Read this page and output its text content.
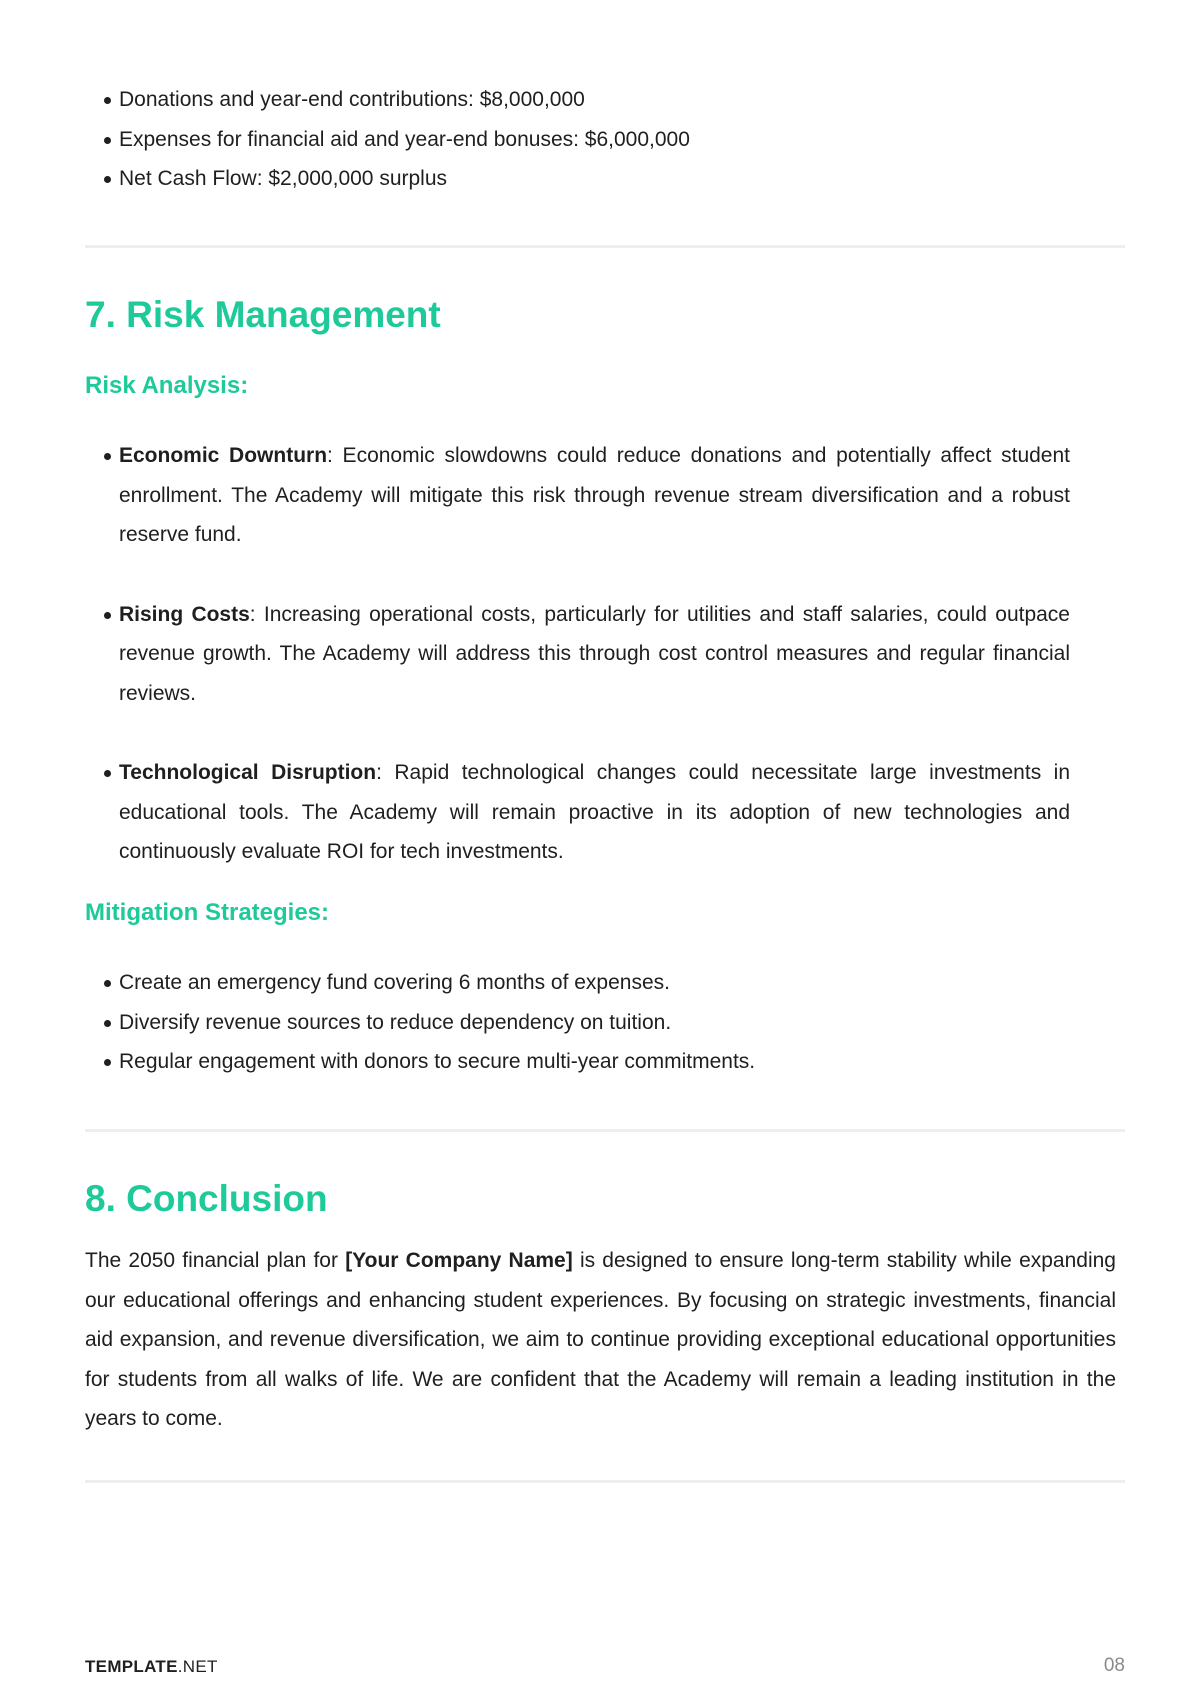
Donations and year-end contributions: $8,000,000
Expenses for financial aid and year-end bonuses: $6,000,000
Net Cash Flow: $2,000,000 surplus
7. Risk Management
Risk Analysis:
Economic Downturn: Economic slowdowns could reduce donations and potentially affect student enrollment. The Academy will mitigate this risk through revenue stream diversification and a robust reserve fund.
Rising Costs: Increasing operational costs, particularly for utilities and staff salaries, could outpace revenue growth. The Academy will address this through cost control measures and regular financial reviews.
Technological Disruption: Rapid technological changes could necessitate large investments in educational tools. The Academy will remain proactive in its adoption of new technologies and continuously evaluate ROI for tech investments.
Mitigation Strategies:
Create an emergency fund covering 6 months of expenses.
Diversify revenue sources to reduce dependency on tuition.
Regular engagement with donors to secure multi-year commitments.
8. Conclusion

The 2050 financial plan for [Your Company Name] is designed to ensure long-term stability while expanding our educational offerings and enhancing student experiences. By focusing on strategic investments, financial aid expansion, and revenue diversification, we aim to continue providing exceptional educational opportunities for students from all walks of life. We are confident that the Academy will remain a leading institution in the years to come.

TEMPLATE.NET	08
